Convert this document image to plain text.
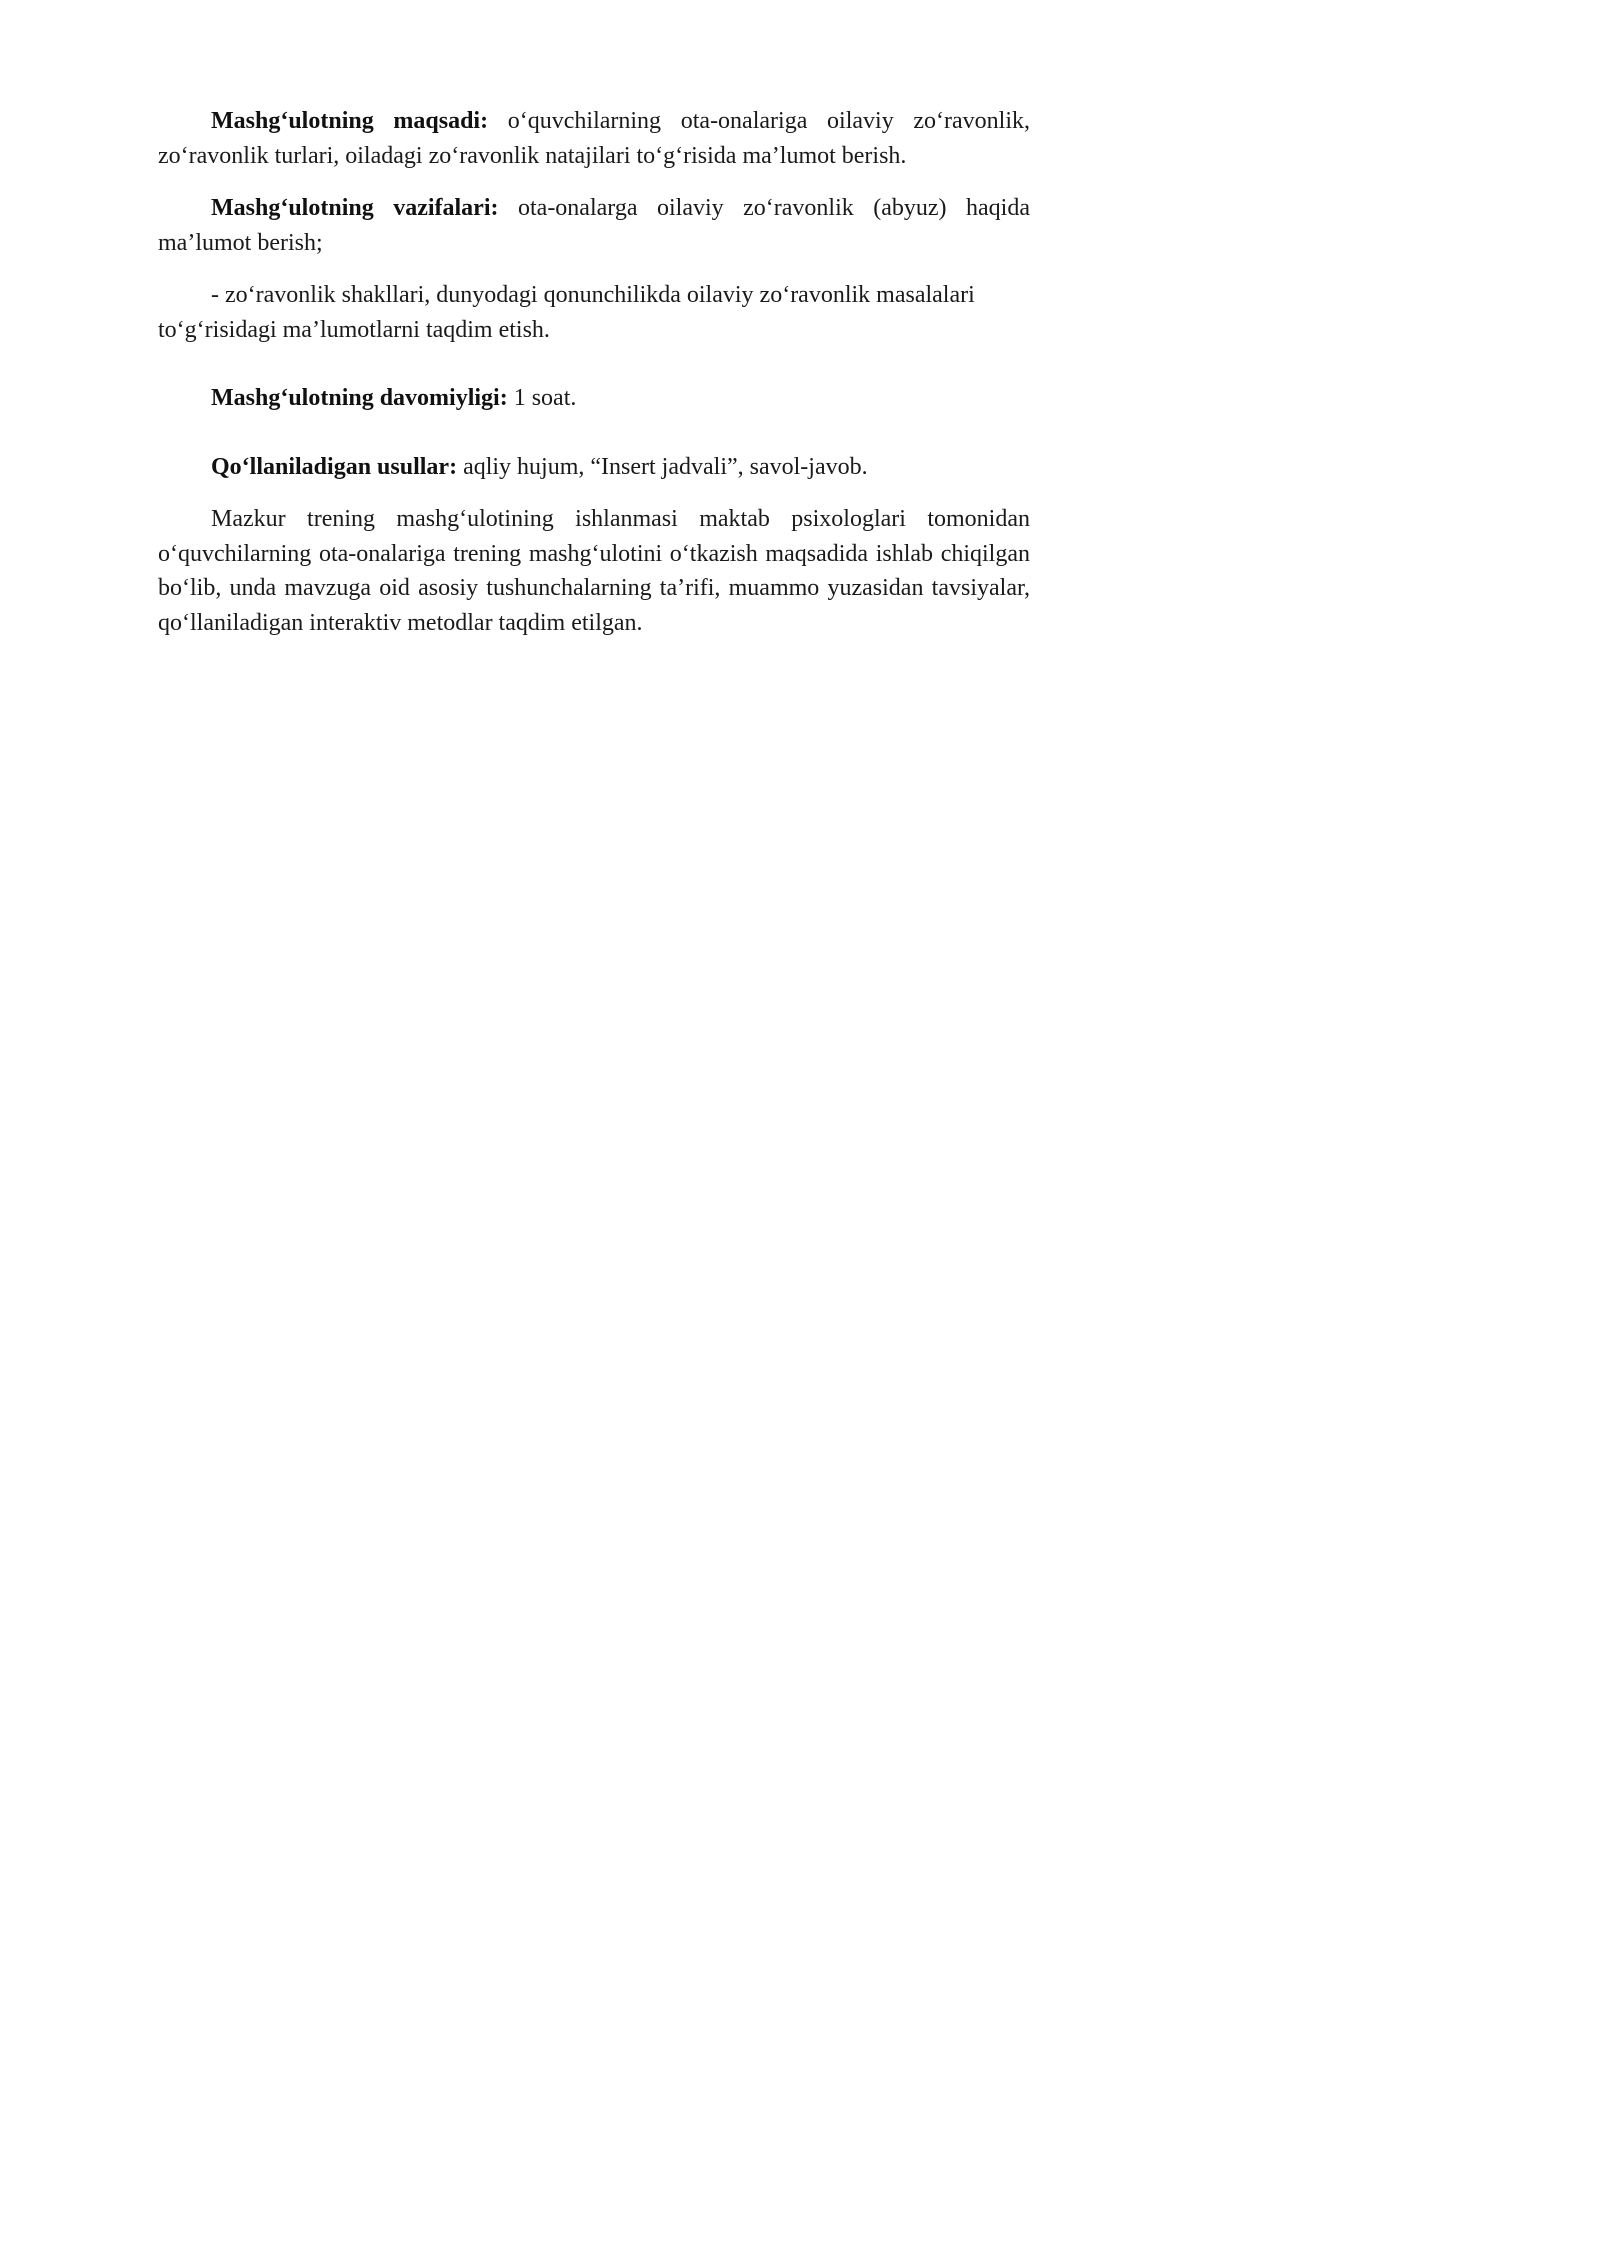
Mashg‘ulotning maqsadi: o‘quvchilarning ota-onalariga oilaviy zo‘ravonlik, zo‘ravonlik turlari, oiladagi zo‘ravonlik natajilari to‘g‘risida ma’lumot berish.

Mashg‘ulotning vazifalari: ota-onalarga oilaviy zo‘ravonlik (abyuz) haqida ma’lumot berish;

- zo‘ravonlik shakllari, dunyodagi qonunchilikda oilaviy zo‘ravonlik masalalari to‘g‘risidagi ma’lumotlarni taqdim etish.

Mashg‘ulotning davomiyligi: 1 soat.

Qo‘llaniladigan usullar: aqliy hujum, “Insert jadvali”, savol-javob.

Mazkur trening mashg‘ulotining ishlanmasi maktab psixologlari tomonidan o‘quvchilarning ota-onalariga trening mashg‘ulotini o‘tkazish maqsadida ishlab chiqilgan bo‘lib, unda mavzuga oid asosiy tushunchalarning ta’rifi, muammo yuzasidan tavsiyalar, qo‘llaniladigan interaktiv metodlar taqdim etilgan.
